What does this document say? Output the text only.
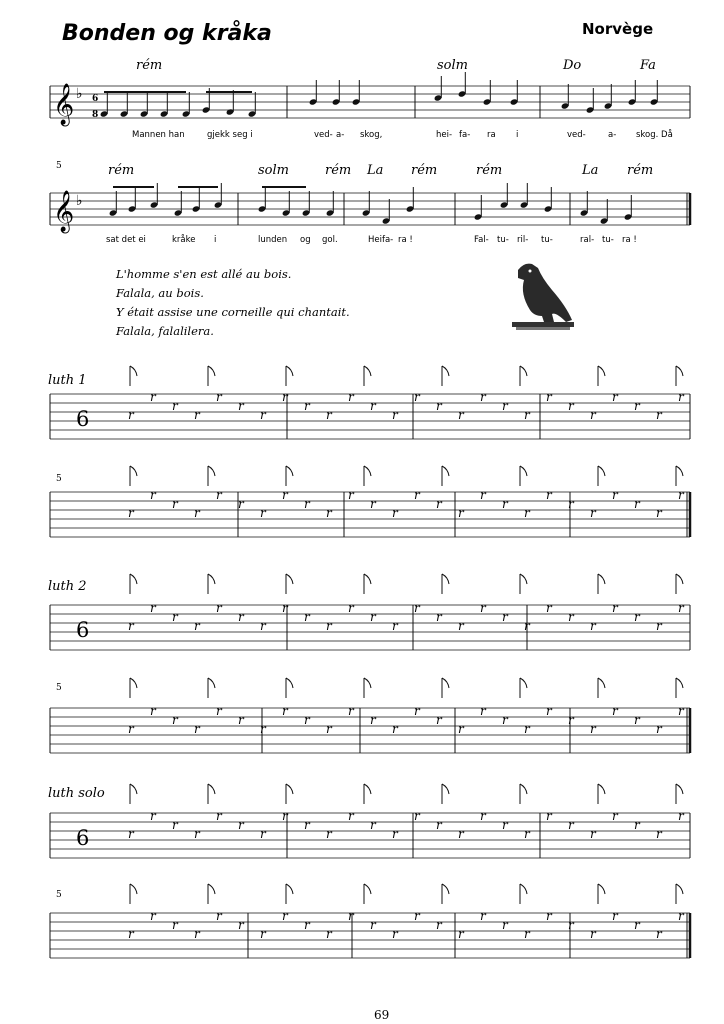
Bonden og kråka	Norvège
rém	solm	Do	Fa
Mannen han	gjekk seg i	ved- a- skog,	hei- fa- ra i	ved-	a- skog. Då
5	rém	solm	rém La rém	rém	La rém
sat det ei	kråke i	lunden og gol.	Heifa- ra !	Fal- tu- ril- tu-	ral- tu- ra !
L'homme s'en est allé au bois.
Falala, au bois.
Y était assise une corneille qui chantait.
Falala, falalilera.
luth 1
5
luth 2
5
luth solo
5
69
𝄞 ♭
𝄞 ♭
6
8
6	r
r
r
r
r
r
r
r
r
r
r
r
r
r
r
r
r
r
r
r
r
r
r
r
r
r
r
r
r
r
r
r
r
r
r
r
r
r
r
r
r
r
r
r
r
r
r
r
r
r
r
r
6	r
r
r
r
r
r
r
r
r
r
r
r
r
r
r
r
r
r
r
r
r
r
r
r
r
r
r
r
r
r
r
r
r
r
r
r
r
r
r
r
r
r
r
r
r
r
r
r
r
r
r
r
6	r
r
r
r
r
r
r
r
r
r
r
r
r
r
r
r
r
r
r
r
r
r
r
r
r
r
r
r
r
r
r
r
r
r
r
r
r
r
r
r
r
r
r
r
r
r
r
r
r
r
r
r
